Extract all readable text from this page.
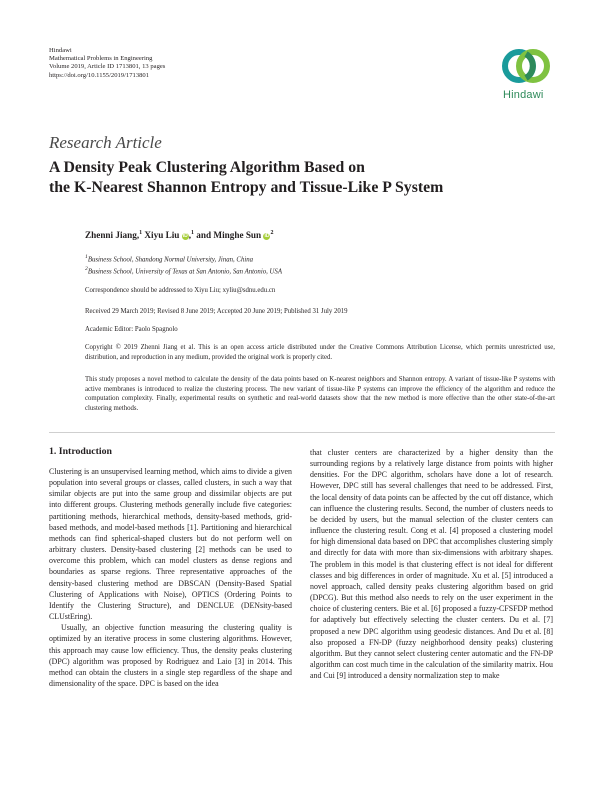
Hindawi
Mathematical Problems in Engineering
Volume 2019, Article ID 1713801, 13 pages
https://doi.org/10.1155/2019/1713801
Hindawi
Research Article
A Density Peak Clustering Algorithm Based on
the K-Nearest Shannon Entropy and Tissue-Like P System
Zhenni Jiang,$^1$ Xiyu Liu iD,$^1$ and Minghe Sun $iD^2$
$^1$Business School, Shandong Normal University, Jinan, China
$^2$Business School, University of Texas at San Antonio, San Antonio, USA
Correspondence should be addressed to Xiyu Liu; xyliu@sdnu.edu.cn
Received 29 March 2019; Revised 8 June 2019; Accepted 20 June 2019; Published 31 July 2019
Academic Editor: Paolo Spagnolo
Copyright © 2019 Zhenni Jiang et al. This is an open access article distributed under the Creative Commons Attribution License, which permits unrestricted use, distribution, and reproduction in any medium, provided the original work is properly cited.
This study proposes a novel method to calculate the density of the data points based on K-nearest neighbors and Shannon entropy. A variant of tissue-like P systems with active membranes is introduced to realize the clustering process. The new variant of tissue-like P systems can improve the efficiency of the algorithm and reduce the computation complexity. Finally, experimental results on synthetic and real-world datasets show that the new method is more effective than the other state-of-the-art clustering methods.
1. Introduction

Clustering is an unsupervised learning method, which aims to divide a given population into several groups or classes, called clusters, in such a way that similar objects are put into the same group and dissimilar objects are put into different groups. Clustering methods generally include five categories: partitioning methods, hierarchical methods, density-based methods, grid-based methods, and model-based methods [1]. Partitioning and hierarchical methods can find spherical-shaped clusters but do not perform well on arbitrary clusters. Density-based clustering [2] methods can be used to overcome this problem, which can model clusters as dense regions and boundaries as sparse regions. Three representative approaches of the density-based clustering method are DBSCAN (Density-Based Spatial Clustering of Applications with Noise), OPTICS (Ordering Points to Identify the Clustering Structure), and DENCLUE (DENsity-based CLUstEring).

Usually, an objective function measuring the clustering quality is optimized by an iterative process in some clustering algorithms. However, this approach may cause low efficiency. Thus, the density peaks clustering (DPC) algorithm was proposed by Rodriguez and Laio [3] in 2014. This method can obtain the clusters in a single step regardless of the shape and dimensionality of the space. DPC is based on the idea

that cluster centers are characterized by a higher density than the surrounding regions by a relatively large distance from points with higher densities. For the DPC algorithm, scholars have done a lot of research. However, DPC still has several challenges that need to be addressed. First, the local density of data points can be affected by the cut off distance, which can influence the clustering results. Second, the number of clusters needs to be decided by users, but the manual selection of the cluster centers can influence the clustering result. Cong et al. [4] proposed a clustering model for high dimensional data based on DPC that accomplishes clustering simply and directly for data with more than six-dimensions with arbitrary shapes. The problem in this model is that clustering effect is not ideal for different classes and big differences in order of magnitude. Xu et al. [5] introduced a novel approach, called density peaks clustering algorithm based on grid (DPCG). But this method also needs to rely on the user experiment in the choice of clustering centers. Bie et al. [6] proposed a fuzzy-CFSFDP method for adaptively but effectively selecting the cluster centers. Du et al. [7] proposed a new DPC algorithm using geodesic distances. And Du et al. [8] also proposed a FN-DP (fuzzy neighborhood density peaks) clustering algorithm. But they cannot select clustering center automatic and the FN-DP algorithm can cost much time in the calculation of the similarity matrix. Hou and Cui [9] introduced a density normalization step to make
